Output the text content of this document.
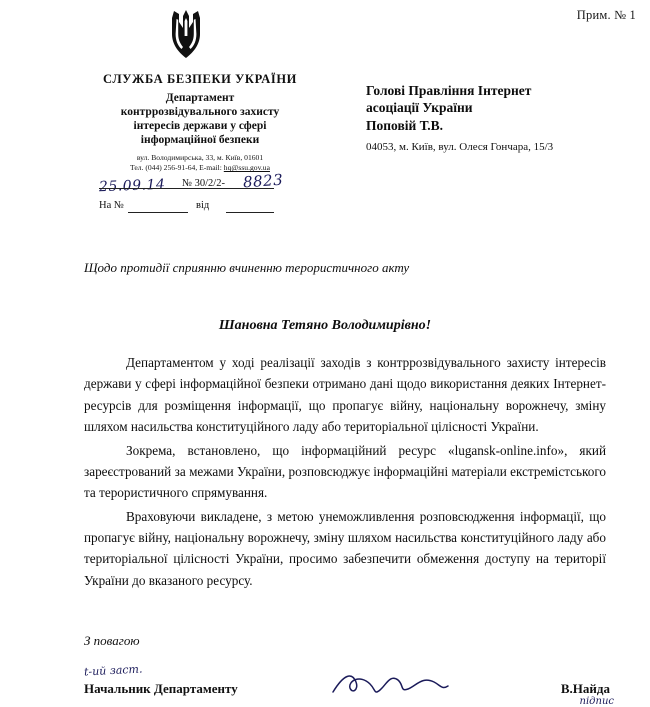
Прим. № 1
СЛУЖБА БЕЗПЕКИ УКРАЇНИ
Департамент
контррозвідувального захисту
інтересів держави у сфері
інформаційної безпеки
вул. Володимирська, 33, м. Київ, 01601
Тел. (044) 256-91-64, E-mail: hq@ssu.gov.ua
25.09.14 № 30/2/2- 8823
На №	від
Голові Правління Інтернет
асоціації України
Поповій Т.В.
04053, м. Київ, вул. Олеся Гончара, 15/3
Щодо протидії сприянню вчиненню терористичного акту
Шановна Тетяно Володимирівно!

Департаментом у ході реалізації заходів з контррозвідувального захисту інтересів держави у сфері інформаційної безпеки отримано дані щодо використання деяких Інтернет-ресурсів для розміщення інформації, що пропагує війну, національну ворожнечу, зміну шляхом насильства конституційного ладу або територіальної цілісності України.

Зокрема, встановлено, що інформаційний ресурс «lugansk-online.info», який зареєстрований за межами України, розповсюджує інформаційні матеріали екстремістського та терористичного спрямування.

Враховуючи викладене, з метою унеможливлення розповсюдження інформації, що пропагує війну, національну ворожнечу, зміну шляхом насильства конституційного ладу або територіальної цілісності України, просимо забезпечити обмеження доступу на території України до вказаного ресурсу.

З повагою
t-ий заст.
Начальник Департаменту	В.Найда
підпис
